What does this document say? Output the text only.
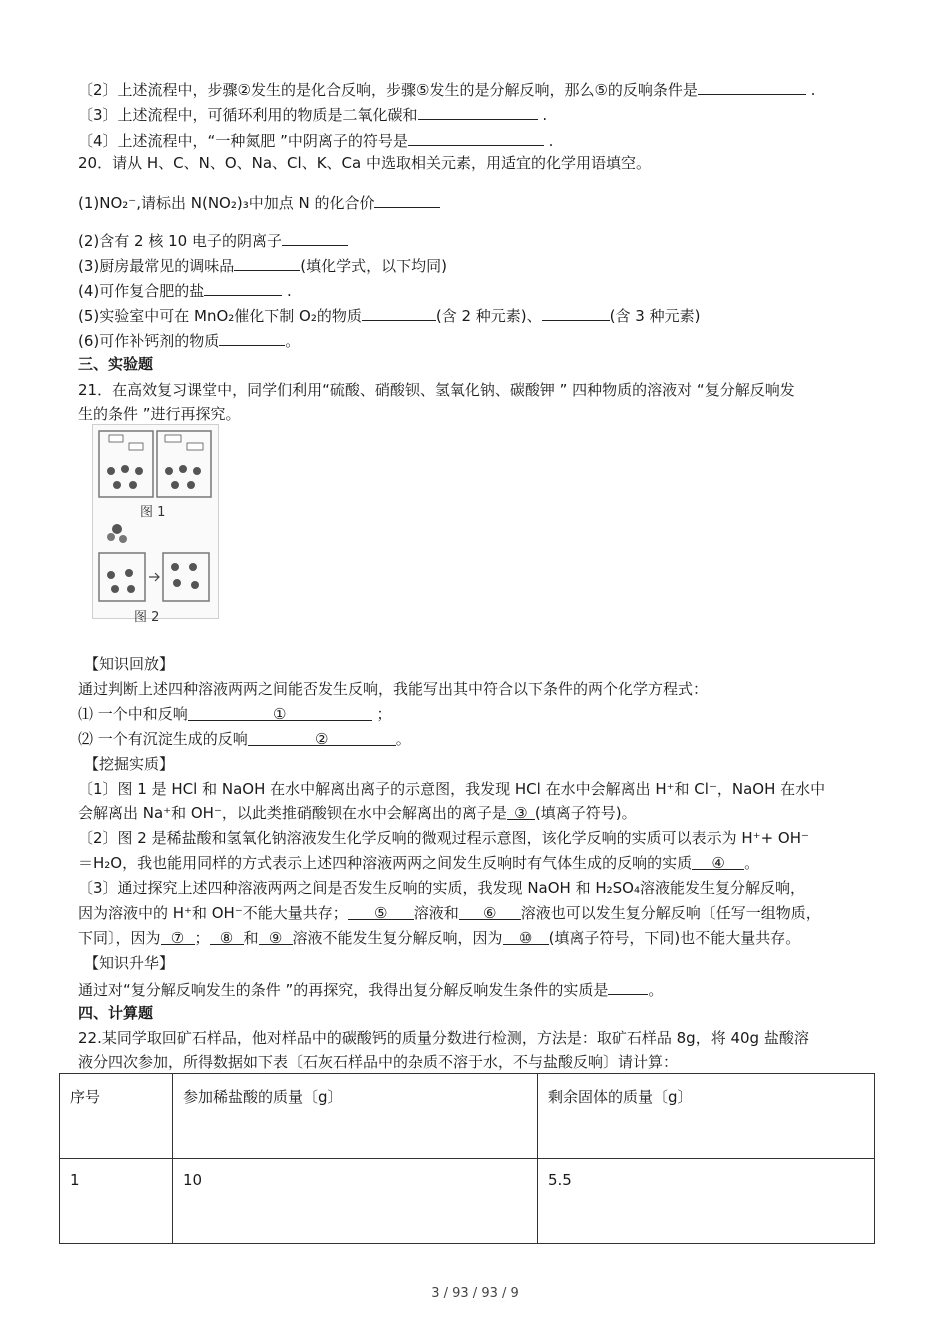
〔2〕上述流程中，步骤②发生的是化合反响，步骤⑤发生的是分解反响，那么⑤的反响条件是	.
〔3〕上述流程中，可循环利用的物质是二氧化碳和	.
〔4〕上述流程中，“一种氮肥 ”中阴离子的符号是	.
20．请从 H、C、N、O、Na、Cl、K、Ca 中选取相关元素，用适宜的化学用语填空。
(1)NO₂⁻,请标出 N(NO₂)₃中加点 N 的化合价
(2)含有 2 核 10 电子的阴离子
(3)厨房最常见的调味品	(填化学式，以下均同)
(4)可作复合肥的盐	.
(5)实验室中可在 MnO₂催化下制 O₂的物质	(含 2 种元素)、	(含 3 种元素)
(6)可作补钙剂的物质	。
三、实验题
21．在高效复习课堂中，同学们利用“硫酸、硝酸钡、氢氧化钠、碳酸钾 ” 四种物质的溶液对 “复分解反响发
生的条件 ”进行再探究。
图 1
图 2
【知识回放】
通过判断上述四种溶液两两之间能否发生反响，我能写出其中符合以下条件的两个化学方程式：
⑴ 一个中和反响	①	；
⑵ 一个有沉淀生成的反响	②	。
【挖掘实质】
〔1〕图 1 是 HCl 和 NaOH 在水中解离出离子的示意图，我发现 HCl 在水中会解离出 H⁺和 Cl⁻，NaOH 在水中
会解离出 Na⁺和 OH⁻，以此类推硝酸钡在水中会解离出的离子是 ③ (填离子符号)。
〔2〕图 2 是稀盐酸和氢氧化钠溶液发生化学反响的微观过程示意图，该化学反响的实质可以表示为 H⁺+ OH⁻
＝H₂O，我也能用同样的方式表示上述四种溶液两两之间发生反响时有气体生成的反响的实质 ④ 。
〔3〕通过探究上述四种溶液两两之间是否发生反响的实质，我发现 NaOH 和 H₂SO₄溶液能发生复分解反响，
因为溶液中的 H⁺和 OH⁻不能大量共存； ⑤ 溶液和 ⑥ 溶液也可以发生复分解反响〔任写一组物质，
下同〕，因为 ⑦ ； ⑧ 和 ⑨ 溶液不能发生复分解反响，因为 ⑩ (填离子符号，下同)也不能大量共存。
【知识升华】
通过对“复分解反响发生的条件 ”的再探究，我得出复分解反响发生条件的实质是	。
四、计算题
22.某同学取回矿石样品，他对样品中的碳酸钙的质量分数进行检测，方法是：取矿石样品 8g，将 40g 盐酸溶
液分四次参加，所得数据如下表〔石灰石样品中的杂质不溶于水，不与盐酸反响〕请计算：
序号	参加稀盐酸的质量〔g〕	剩余固体的质量〔g〕
1	10	5.5
3 / 93 / 93 / 9
